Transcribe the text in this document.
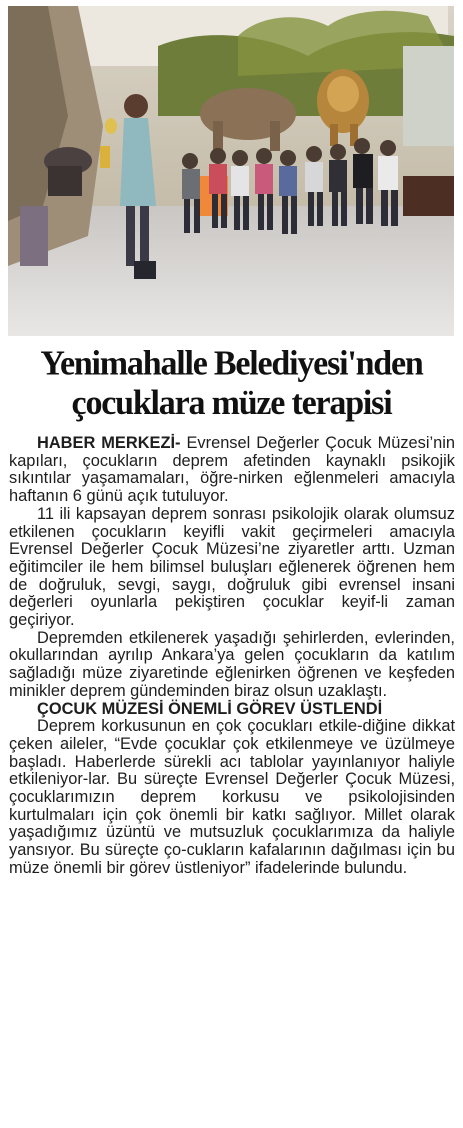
Yenimahalle Belediyesi'nden
çocuklara müze terapisi

HABER MERKEZİ- Evrensel Değerler Çocuk Müzesi’nin kapıları, çocukların deprem afetinden kaynaklı psikojik sıkıntılar yaşamamaları, öğre-nirken eğlenmeleri amacıyla haftanın 6 günü açık tutuluyor.

11 ili kapsayan deprem sonrası psikolojik olarak olumsuz etkilenen çocukların keyifli vakit geçirmeleri amacıyla Evrensel Değerler Çocuk Müzesi’ne ziyaretler arttı. Uzman eğitimciler ile hem bilimsel buluşları eğlenerek öğrenen hem de doğruluk, sevgi, saygı, doğruluk gibi evrensel insani değerleri oyunlarla pekiştiren çocuklar keyif-li zaman geçiriyor.

Depremden etkilenerek yaşadığı şehirlerden, evlerinden, okullarından ayrılıp Ankara’ya gelen çocukların da katılım sağladığı müze ziyaretinde eğlenirken öğrenen ve keşfeden minikler deprem gündeminden biraz olsun uzaklaştı.

ÇOCUK MÜZESİ ÖNEMLİ GÖREV ÜSTLENDİ

Deprem korkusunun en çok çocukları etkile-diğine dikkat çeken aileler, “Evde çocuklar çok etkilenmeye ve üzülmeye başladı. Haberlerde sürekli acı tablolar yayınlanıyor haliyle etkileniyor-lar. Bu süreçte Evrensel Değerler Çocuk Müzesi, çocuklarımızın deprem korkusu ve psikolojisinden kurtulmaları için çok önemli bir katkı sağlıyor. Millet olarak yaşadığımız üzüntü ve mutsuzluk çocuklarımıza da haliyle yansıyor. Bu süreçte ço-cukların kafalarının dağılması için bu müze önemli bir görev üstleniyor” ifadelerinde bulundu.
